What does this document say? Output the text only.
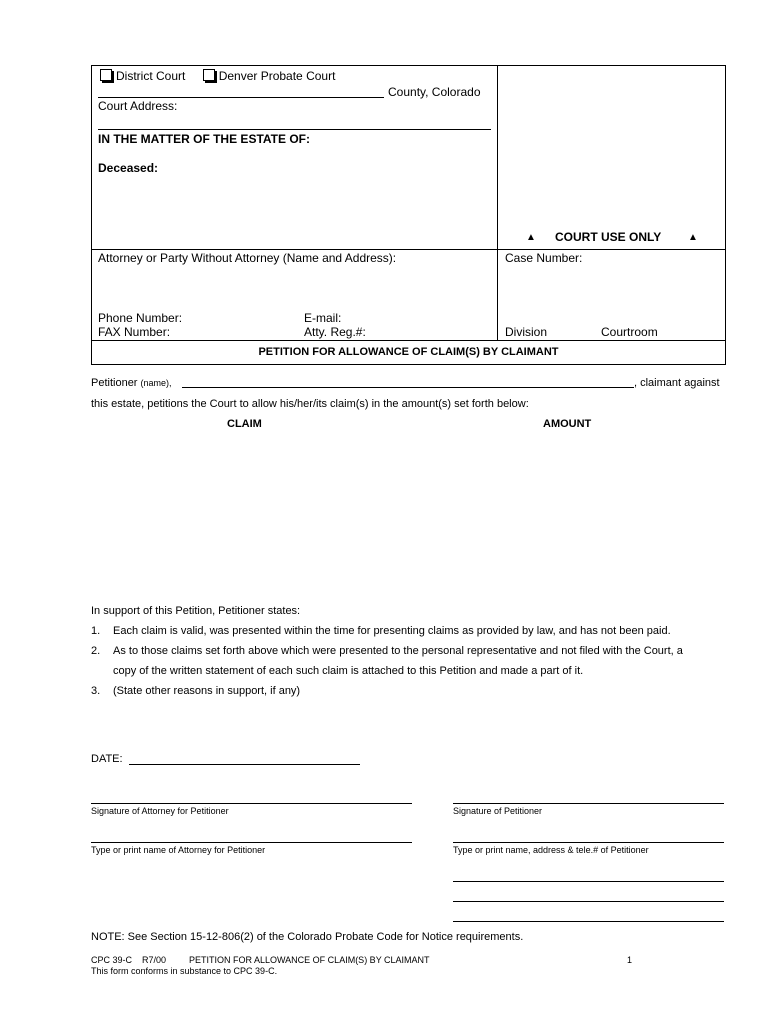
District Court	Denver Probate Court
County, Colorado
Court Address:
IN THE MATTER OF THE ESTATE OF:
Deceased:
▲ COURT USE ONLY	▲
Attorney or Party Without Attorney (Name and Address):
Phone Number:	E-mail:
FAX Number:	Atty. Reg.#:
Case Number:
Division	Courtroom
PETITION FOR ALLOWANCE OF CLAIM(S) BY CLAIMANT
Petitioner (name),	, claimant against
this estate, petitions the Court to allow his/her/its claim(s) in the amount(s) set forth below:
CLAIM	AMOUNT
In support of this Petition, Petitioner states:
1. Each claim is valid, was presented within the time for presenting claims as provided by law, and has not been paid.
2. As to those claims set forth above which were presented to the personal representative and not filed with the Court, a
copy of the written statement of each such claim is attached to this Petition and made a part of it.
3. (State other reasons in support, if any)
DATE:
Signature of Attorney for Petitioner	Signature of Petitioner
Type or print name of Attorney for Petitioner	Type or print name, address & tele.# of Petitioner
NOTE: See Section 15-12-806(2) of the Colorado Probate Code for Notice requirements.
CPC 39-C    R7/00	PETITION FOR ALLOWANCE OF CLAIM(S) BY CLAIMANT	1
This form conforms in substance to CPC 39-C.
